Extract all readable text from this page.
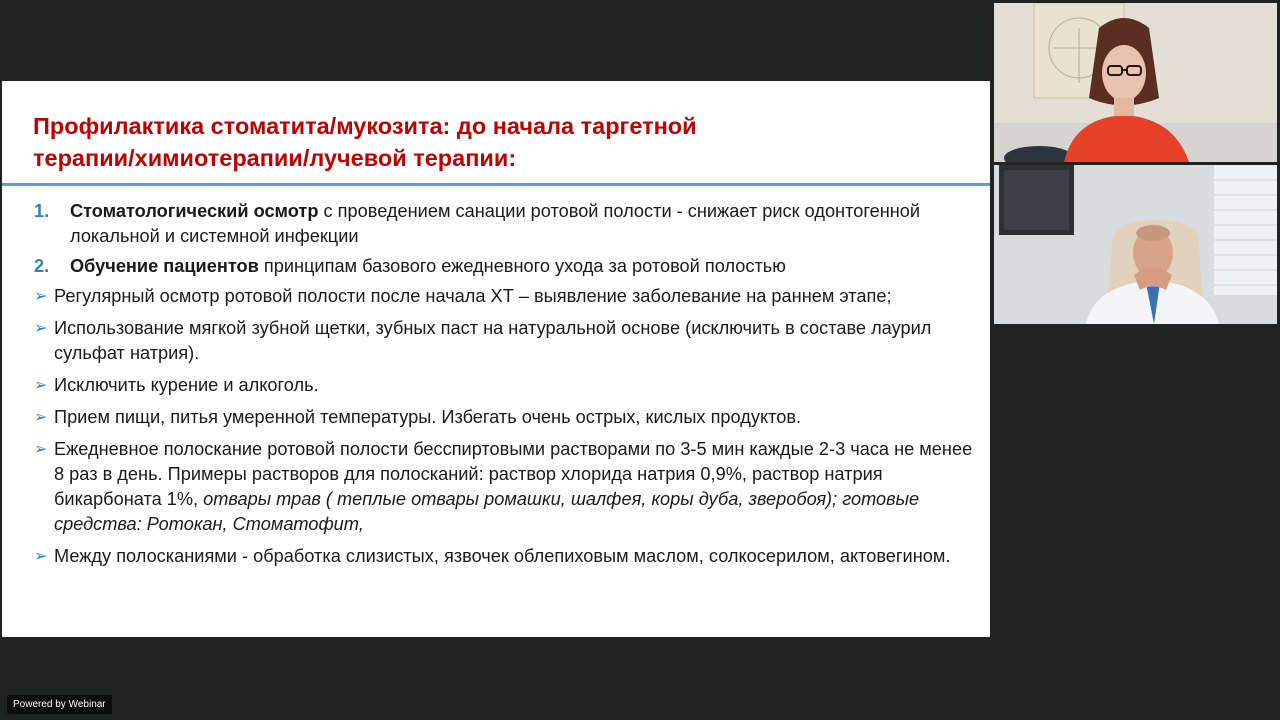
Профилактика стоматита/мукозита: до начала таргетной
терапии/химиотерапии/лучевой терапии:
1. Стоматологический осмотр с проведением санации ротовой полости - снижает риск одонтогенной локальной и системной инфекции
2. Обучение пациентов принципам базового ежедневного ухода за ротовой полостью
➢ Регулярный осмотр ротовой полости после начала ХТ – выявление заболевание на раннем этапе;
➢ Использование мягкой зубной щетки, зубных паст на натуральной основе (исключить в составе лаурил сульфат натрия).
➢ Исключить курение и алкоголь.
➢ Прием пищи, питья умеренной температуры. Избегать очень острых, кислых продуктов.
➢ Ежедневное полоскание ротовой полости бесспиртовыми растворами по 3-5 мин каждые 2-3 часа не менее 8 раз в день. Примеры растворов для полосканий: раствор хлорида натрия 0,9%, раствор натрия бикарбоната 1%, отвары трав ( теплые отвары ромашки, шалфея, коры дуба, зверобоя); готовые средства: Ротокан, Стоматофит,
➢ Между полосканиями - обработка слизистых, язвочек облепиховым маслом, солкосерилом, актовегином.
Powered by Webinar
